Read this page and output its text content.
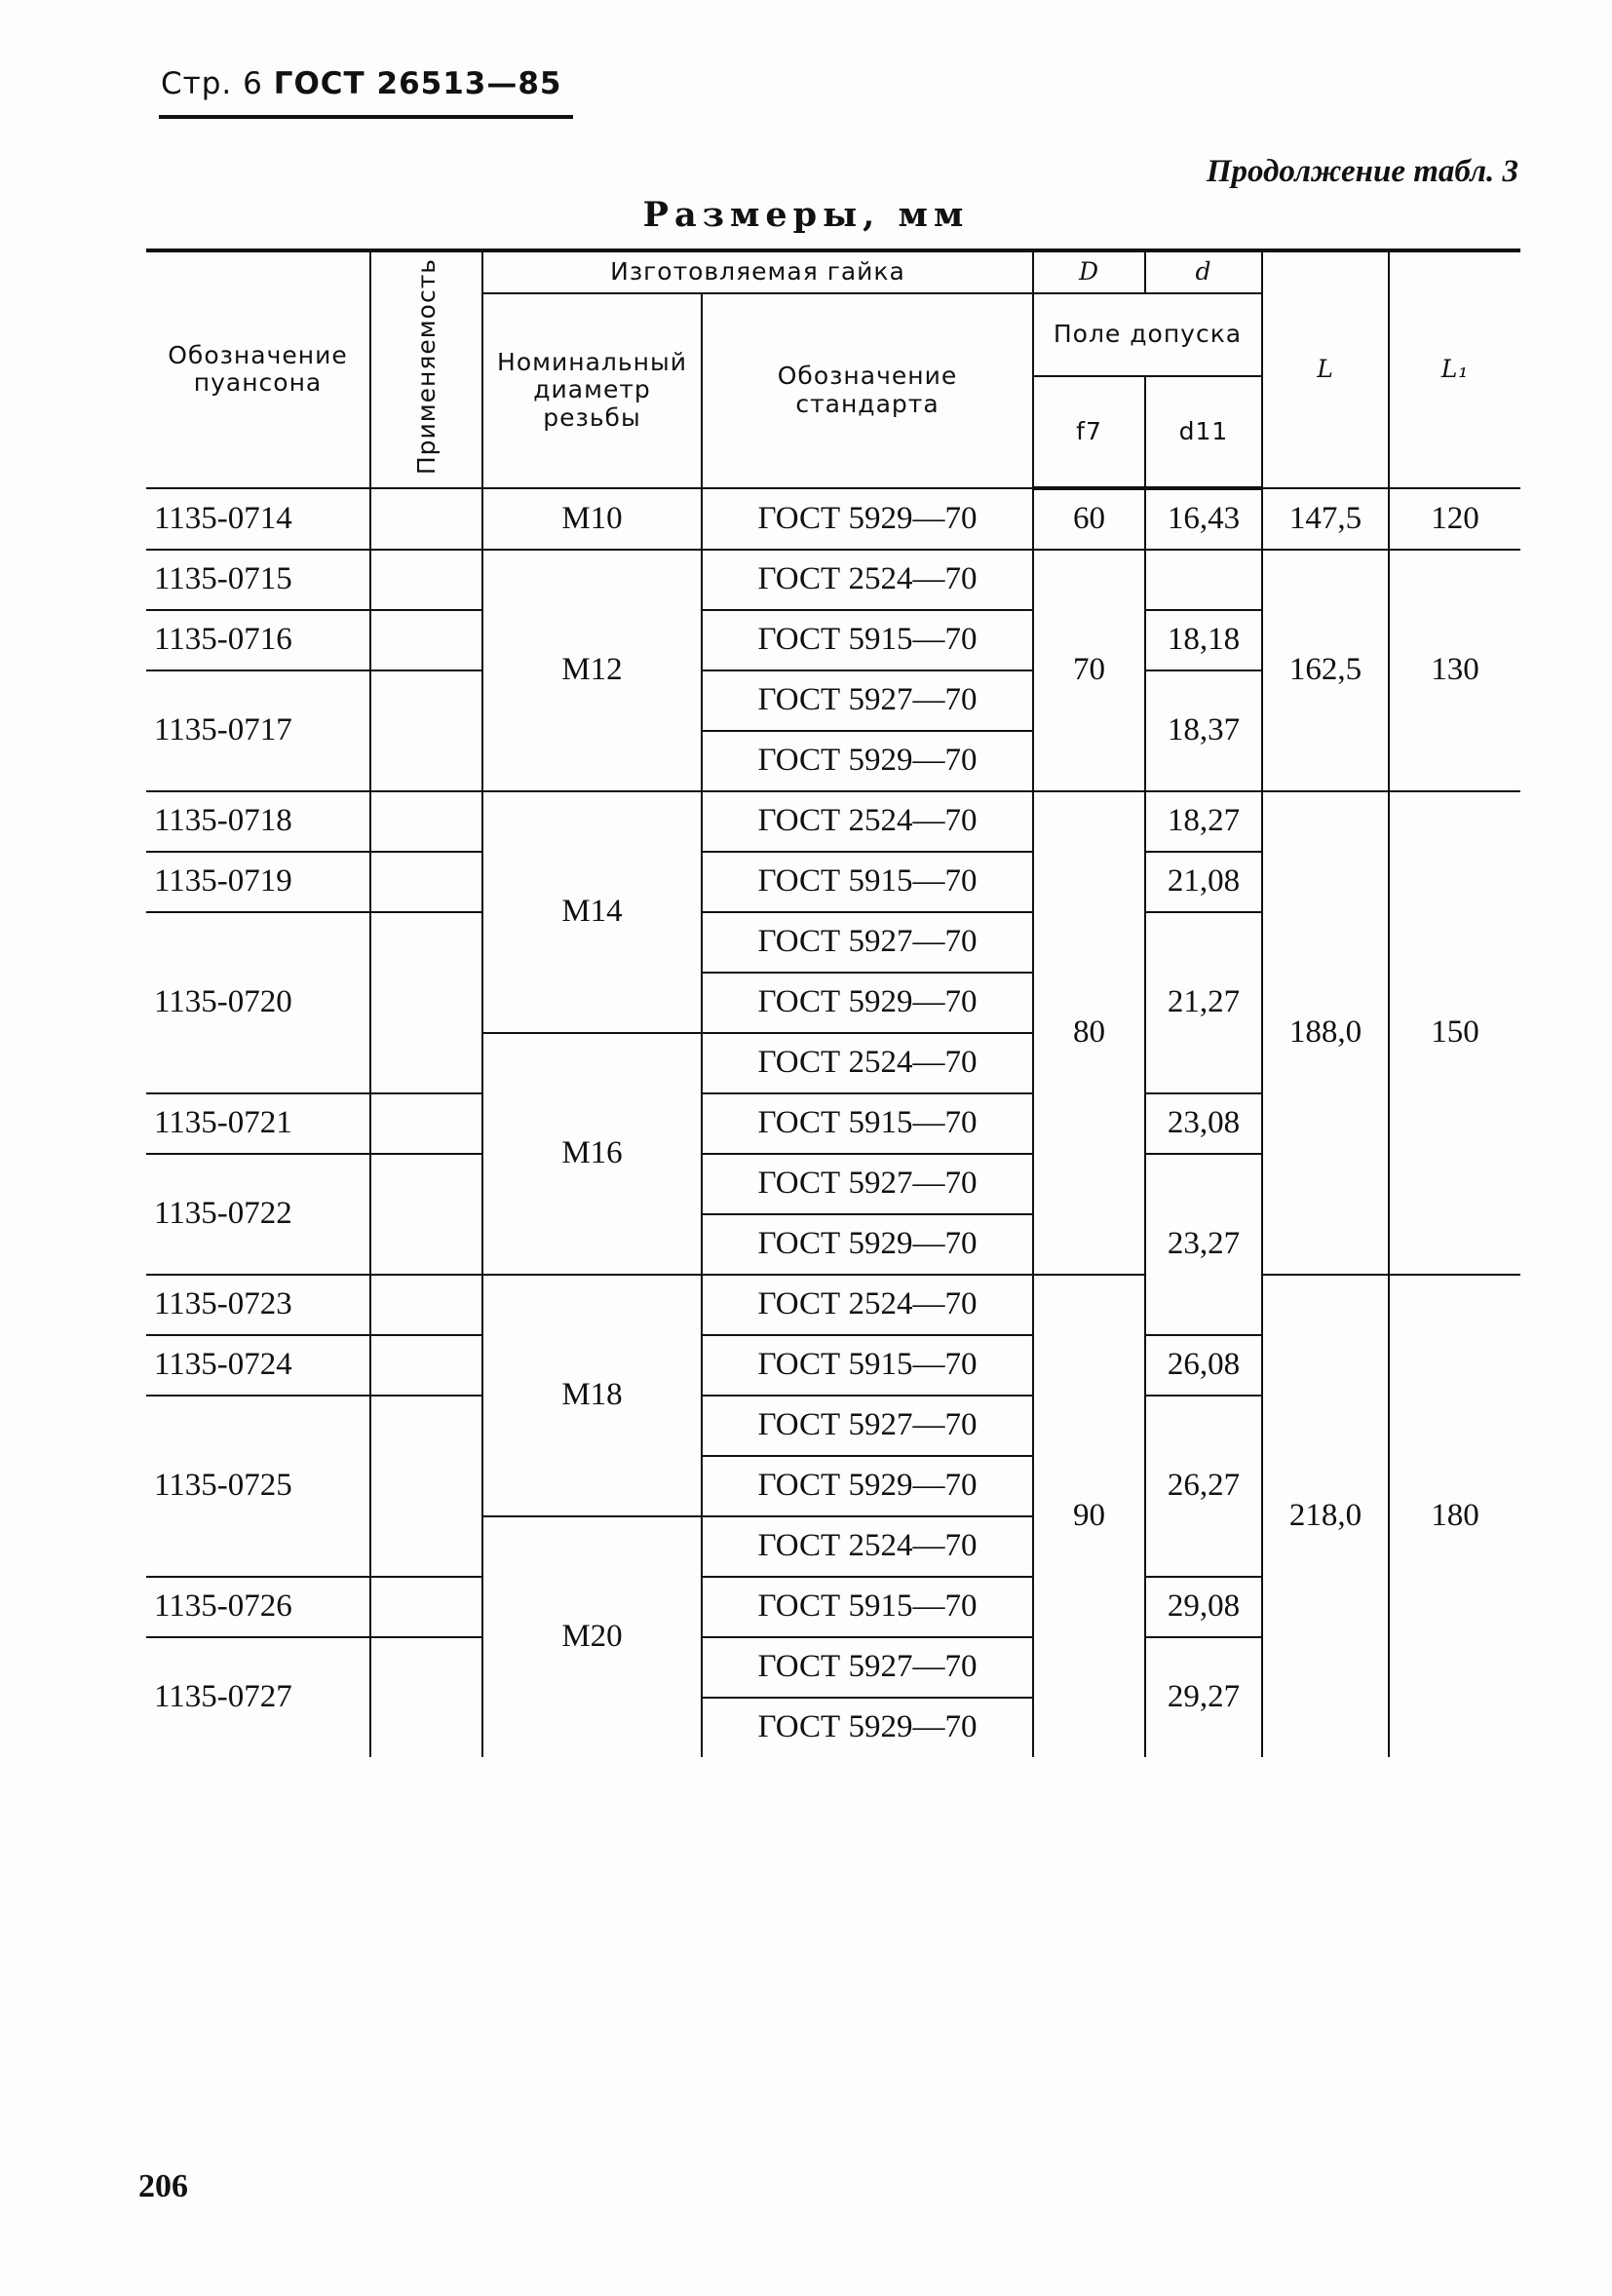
Стр. 6 ГОСТ 26513—85
Продолжение табл. 3
Размеры, мм
Обозначение пуансона	Применяемость	Изготовляемая гайка		D	d	L	L₁
		Номинальный диаметр резьбы	Обозначение стандарта	Поле допуска			
				f7	d11		
1135-0714		M10	ГОСТ 5929—70	60	16,43	147,5	120
1135-0715		M12	ГОСТ 2524—70	70		162,5	130
1135-0716			ГОСТ 5915—70		18,18		
1135-0717			ГОСТ 5927—70		18,37		
			ГОСТ 5929—70				
1135-0718		M14	ГОСТ 2524—70	80	18,27	188,0	150
1135-0719			ГОСТ 5915—70		21,08		
1135-0720			ГОСТ 5927—70		21,27		
			ГОСТ 5929—70				
		M16	ГОСТ 2524—70				
1135-0721			ГОСТ 5915—70		23,08		
1135-0722			ГОСТ 5927—70		23,27		
			ГОСТ 5929—70				
1135-0723		M18	ГОСТ 2524—70	90		218,0	180
1135-0724			ГОСТ 5915—70		26,08		
1135-0725			ГОСТ 5927—70		26,27		
			ГОСТ 5929—70				
		M20	ГОСТ 2524—70				
1135-0726			ГОСТ 5915—70		29,08		
1135-0727			ГОСТ 5927—70		29,27		
			ГОСТ 5929—70				
206
